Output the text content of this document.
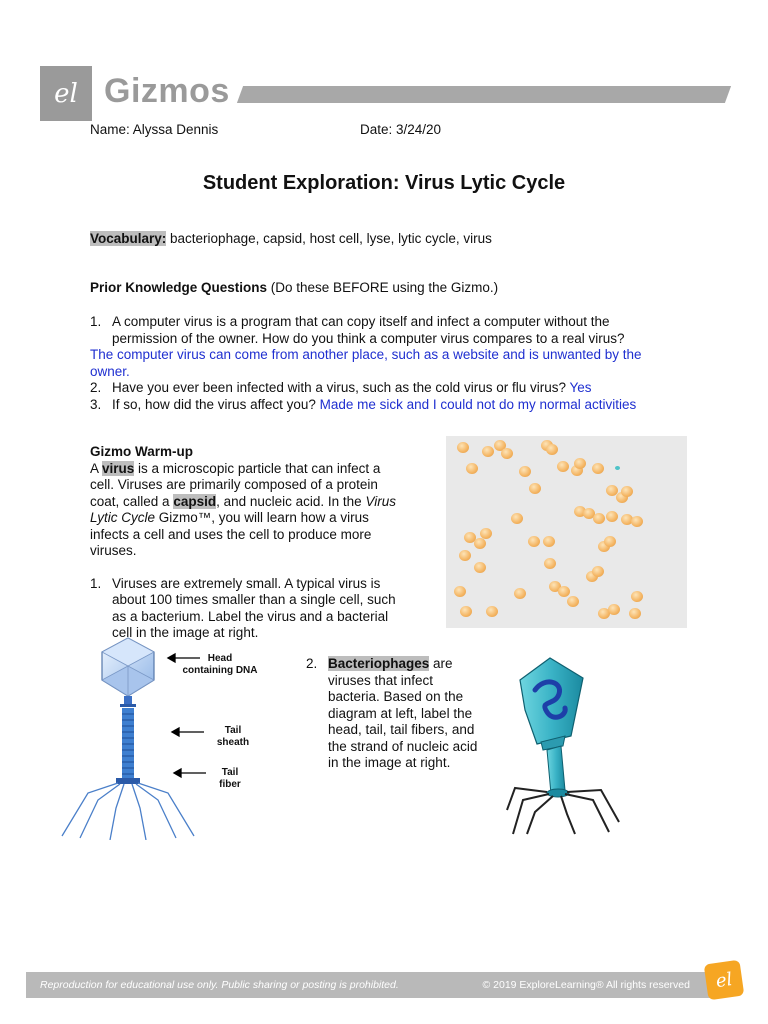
el Gizmos
Name: Alyssa Dennis	Date: 3/24/20
Student Exploration: Virus Lytic Cycle
Vocabulary: bacteriophage, capsid, host cell, lyse, lytic cycle, virus
Prior Knowledge Questions (Do these BEFORE using the Gizmo.)
1. A computer virus is a program that can copy itself and infect a computer without the
permission of the owner. How do you think a computer virus compares to a real virus?
The computer virus can come from another place, such as a website and is unwanted by the owner.
2. Have you ever been infected with a virus, such as the cold virus or flu virus? Yes
3. If so, how did the virus affect you? Made me sick and I could not do my normal activities
Gizmo Warm-up
A virus is a microscopic particle that can infect a cell. Viruses are primarily composed of a protein coat, called a capsid, and nucleic acid. In the Virus Lytic Cycle Gizmo™, you will learn how a virus infects a cell and uses the cell to produce more viruses.
1. Viruses are extremely small. A typical virus is about 100 times smaller than a single cell, such as a bacterium. Label the virus and a bacterial cell in the image at right.
Head
containing DNA
Tail
sheath
Tail
fiber
2. Bacteriophages are viruses that infect bacteria. Based on the diagram at left, label the head, tail, tail fibers, and the strand of nucleic acid in the image at right.
Reproduction for educational use only. Public sharing or posting is prohibited.	© 2019 ExploreLearning® All rights reserved el
